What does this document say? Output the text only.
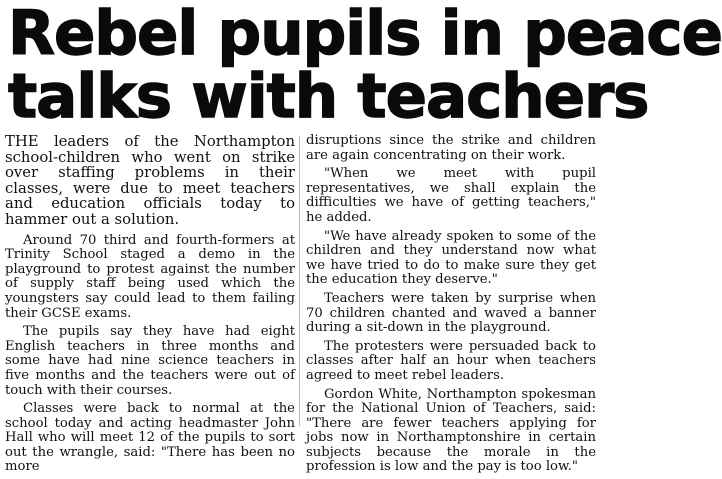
Rebel pupils in peace
talks with teachers

THE leaders of the Northampton school-children who went on strike over staffing problems in their classes, were due to meet teachers and education officials today to hammer out a solution.

Around 70 third and fourth-formers at Trinity School staged a demo in the playground to protest against the number of supply staff being used which the youngsters say could lead to them failing their GCSE exams.

The pupils say they have had eight English teachers in three months and some have had nine science teachers in five months and the teachers were out of touch with their courses.

Classes were back to normal at the school today and acting headmaster John Hall who will meet 12 of the pupils to sort out the wrangle, said: "There has been no more

disruptions since the strike and children are again concentrating on their work.

"When we meet with pupil representatives, we shall explain the difficulties we have of getting teachers," he added.

"We have already spoken to some of the children and they understand now what we have tried to do to make sure they get the education they deserve."

Teachers were taken by surprise when 70 children chanted and waved a banner during a sit-down in the playground.

The protesters were persuaded back to classes after half an hour when teachers agreed to meet rebel leaders.

Gordon White, Northampton spokesman for the National Union of Teachers, said: "There are fewer teachers applying for jobs now in Northamptonshire in certain subjects because the morale in the profession is low and the pay is too low."
